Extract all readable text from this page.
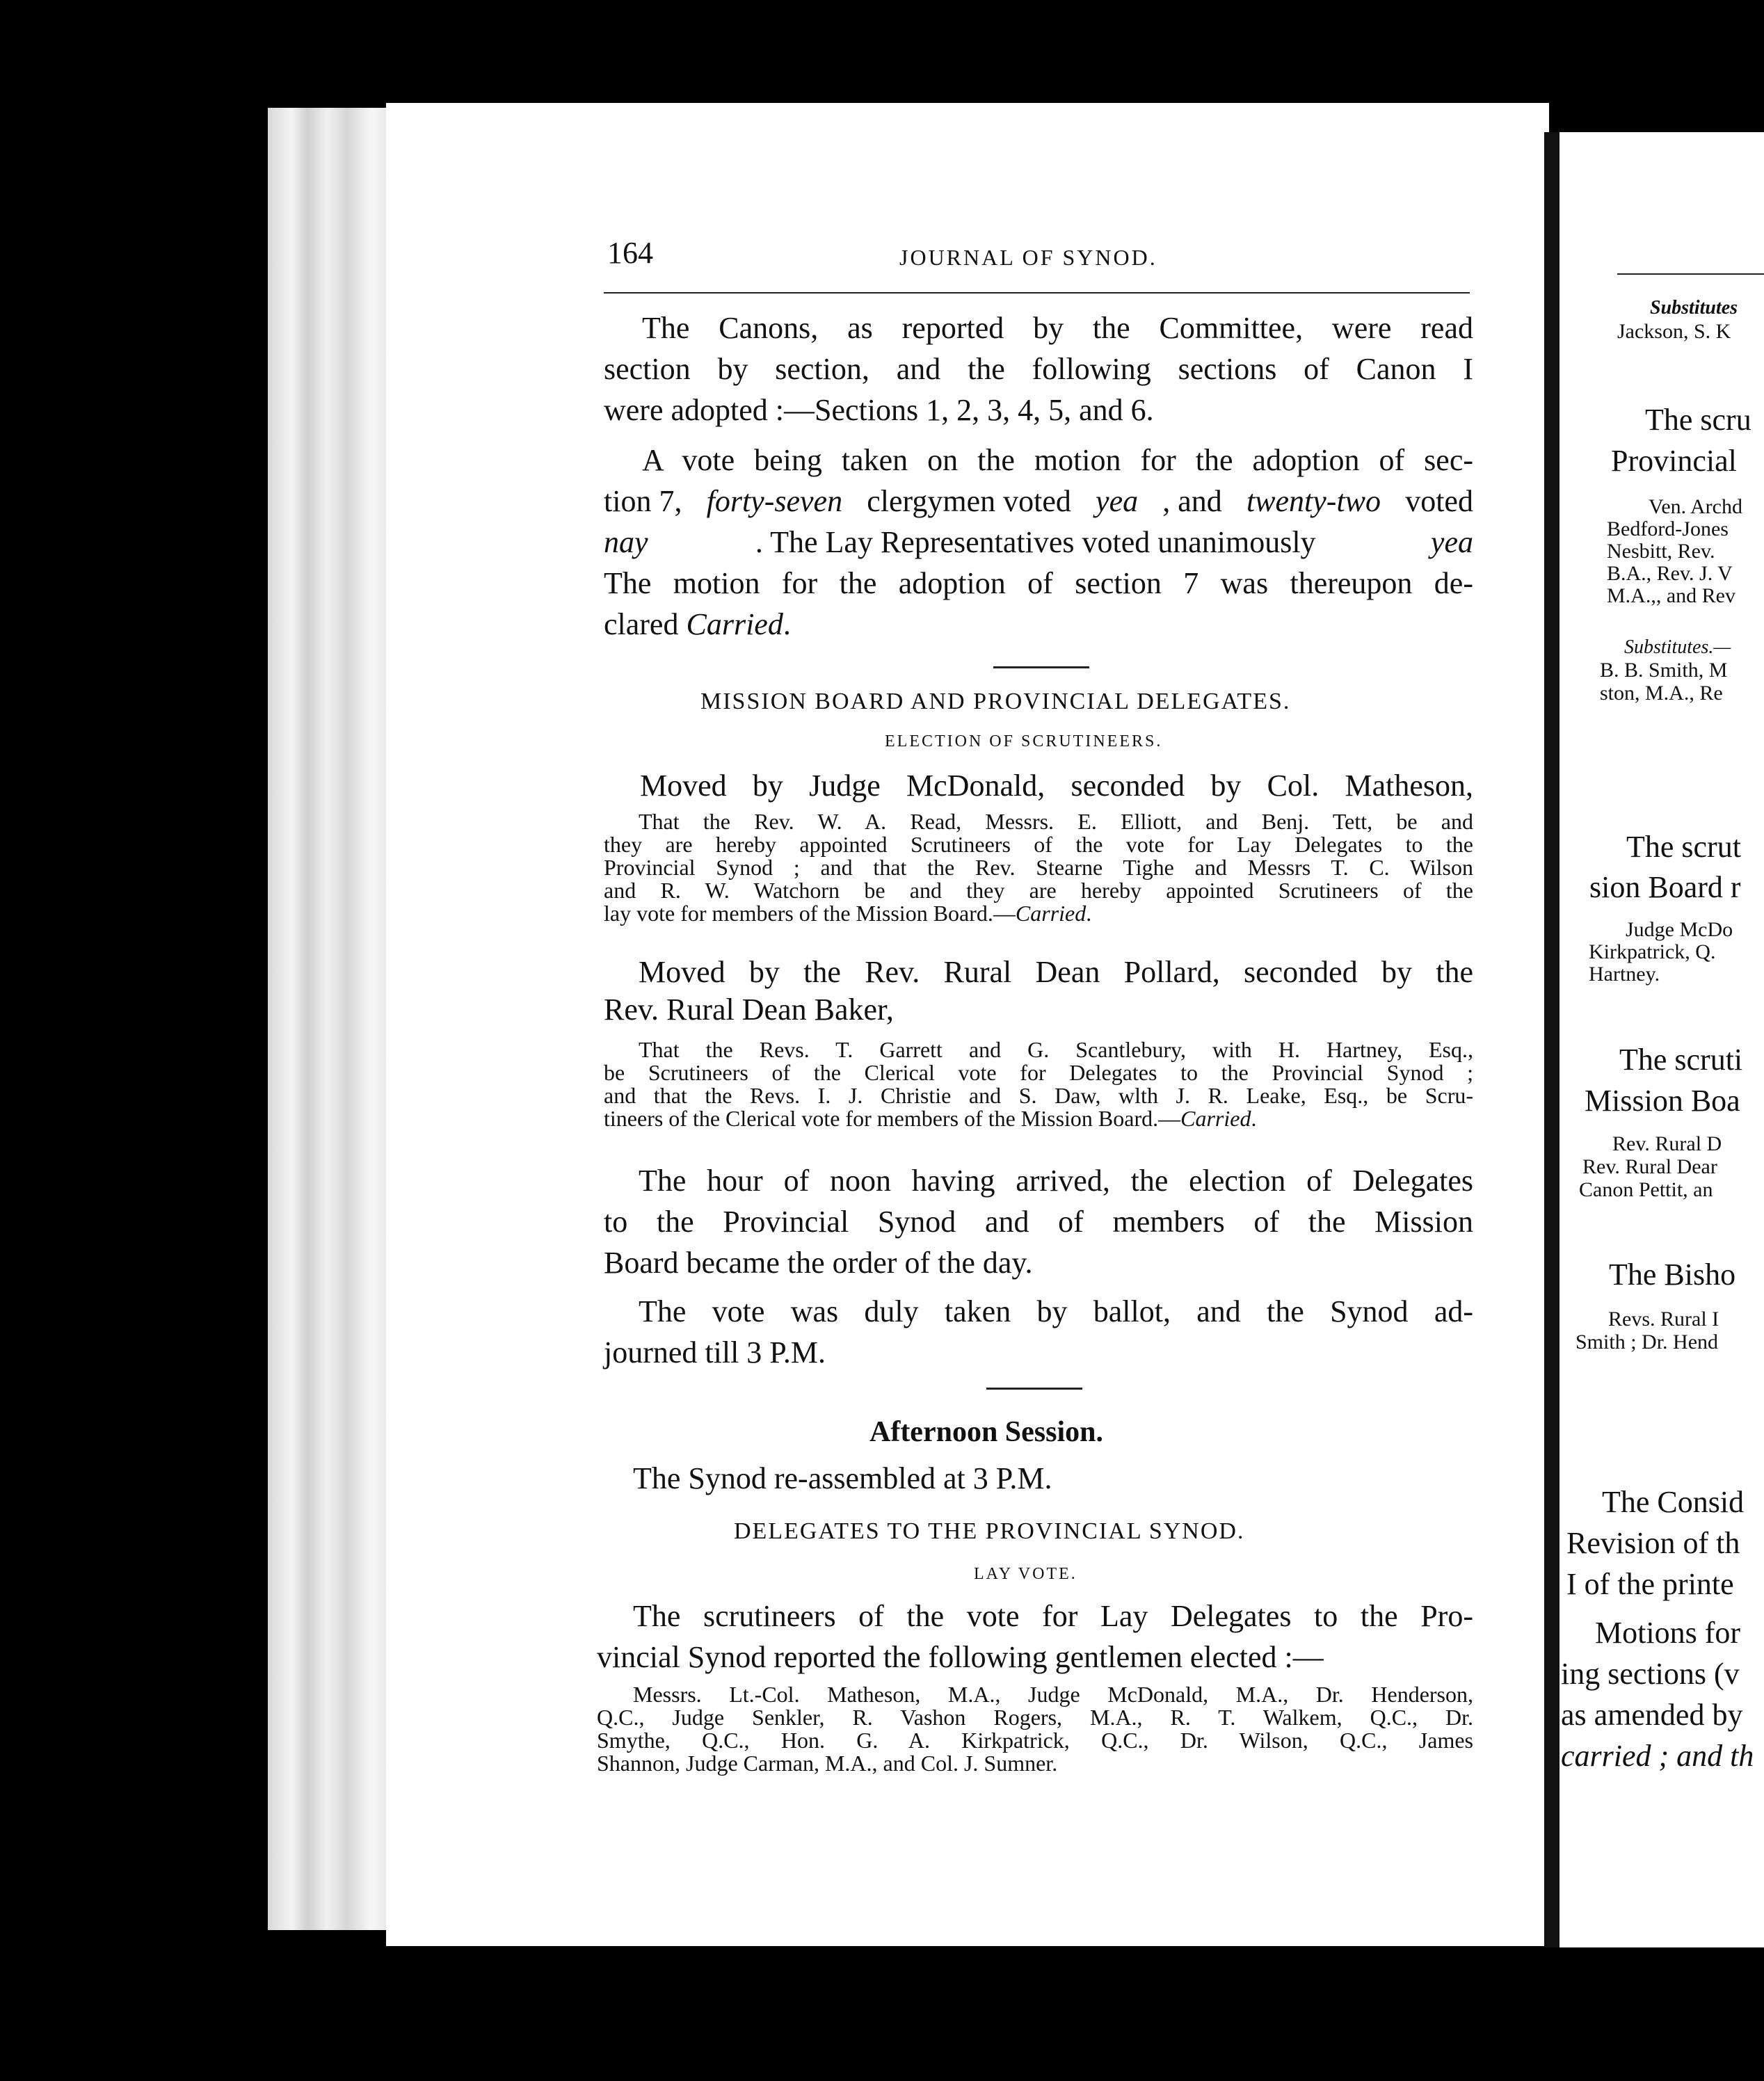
164	JOURNAL OF SYNOD.
The Canons, as reported by the Committee, were read
section by section, and the following sections of Canon I
were adopted :—Sections 1, 2, 3, 4, 5, and 6.
A vote being taken on the motion for the adoption of sec-
tion 7, forty-seven clergymen voted yea , and twenty-two voted
nay	. The Lay Representatives voted unanimously	yea
The motion for the adoption of section 7 was thereupon de-
clared Carried.
MISSION BOARD AND PROVINCIAL DELEGATES.
ELECTION OF SCRUTINEERS.
Moved by Judge McDonald, seconded by Col. Matheson,
That the Rev. W. A. Read, Messrs. E. Elliott, and Benj. Tett, be and
they are hereby appointed Scrutineers of the vote for Lay Delegates to the
Provincial Synod ; and that the Rev. Stearne Tighe and Messrs T. C. Wilson
and R. W. Watchorn be and they are hereby appointed Scrutineers of the
lay vote for members of the Mission Board.—Carried.
Moved by the Rev. Rural Dean Pollard, seconded by the
Rev. Rural Dean Baker,
That the Revs. T. Garrett and G. Scantlebury, with H. Hartney, Esq.,
be Scrutineers of the Clerical vote for Delegates to the Provincial Synod ;
and that the Revs. I. J. Christie and S. Daw, wlth J. R. Leake, Esq., be Scru-
tineers of the Clerical vote for members of the Mission Board.—Carried.
The hour of noon having arrived, the election of Delegates
to the Provincial Synod and of members of the Mission
Board became the order of the day.
The vote was duly taken by ballot, and the Synod ad-
journed till 3 P.M.
Afternoon Session.
The Synod re-assembled at 3 P.M.
DELEGATES TO THE PROVINCIAL SYNOD.
LAY VOTE.
The scrutineers of the vote for Lay Delegates to the Pro-
vincial Synod reported the following gentlemen elected :—
Messrs. Lt.-Col. Matheson, M.A., Judge McDonald, M.A., Dr. Henderson,
Q.C., Judge Senkler, R. Vashon Rogers, M.A., R. T. Walkem, Q.C., Dr.
Smythe, Q.C., Hon. G. A. Kirkpatrick, Q.C., Dr. Wilson, Q.C., James
Shannon, Judge Carman, M.A., and Col. J. Sumner.
Substitutes
Jackson, S. K
The scru
Provincial
Ven. Archd
Bedford-Jones
Nesbitt, Rev.
B.A., Rev. J. V
M.A.,, and Rev
Substitutes.—
B. B. Smith, M
ston, M.A., Re
The scrut
sion Board r
Judge McDo
Kirkpatrick, Q.
Hartney.
The scruti
Mission Boa
Rev. Rural D
Rev. Rural Dear
Canon Pettit, an
The Bisho
Revs. Rural I
Smith ; Dr. Hend
The Consid
Revision of th
I of the printe
Motions for
ing sections (v
as amended by
carried ; and th
